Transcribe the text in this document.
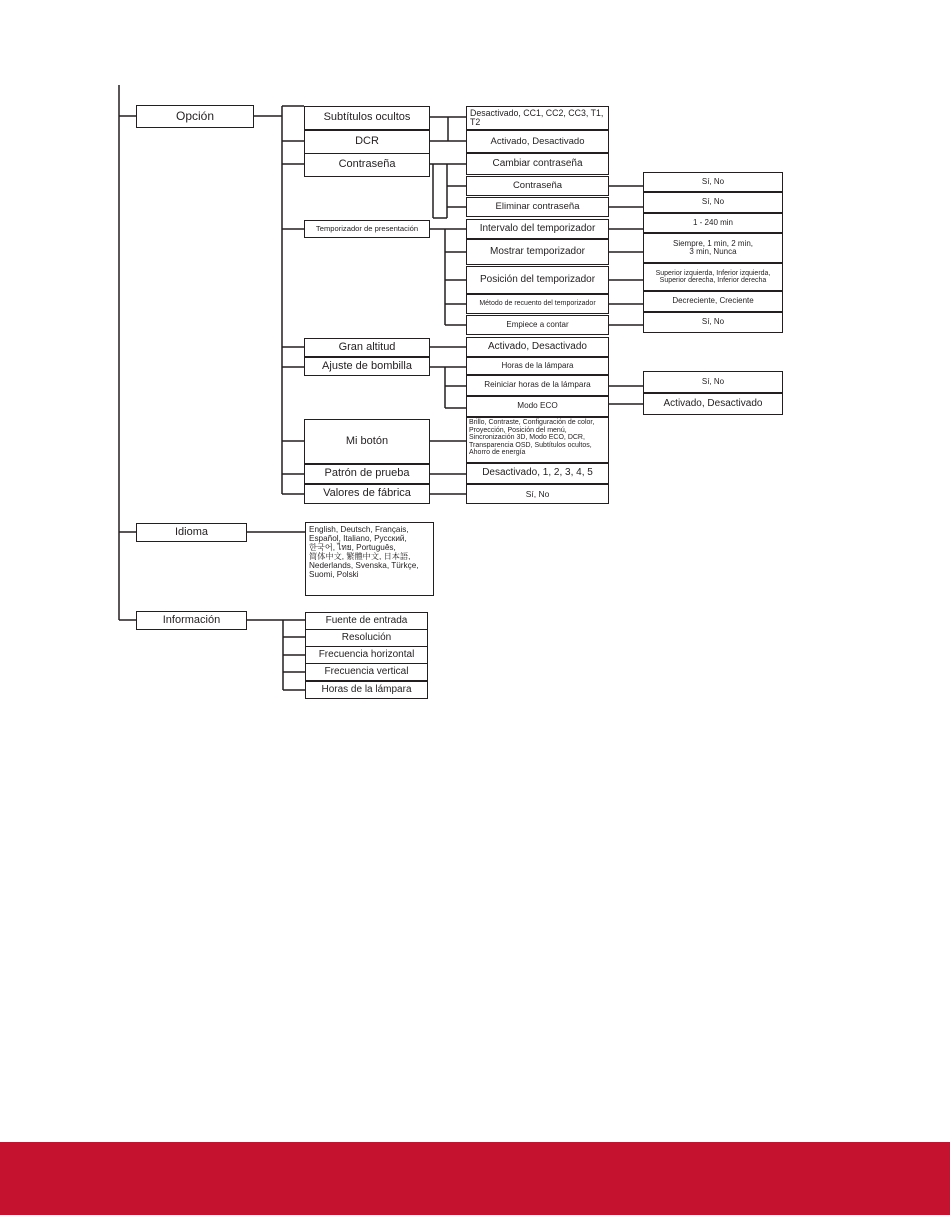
Opción
Idioma
Información
Subtítulos ocultos
DCR
Contraseña
Temporizador de presentación
Gran altitud
Ajuste de bombilla
Mi botón
Patrón de prueba
Valores de fábrica
Desactivado, CC1, CC2, CC3, T1, T2
Activado, Desactivado
Cambiar contraseña
Contraseña
Eliminar contraseña
Intervalo del temporizador
Mostrar temporizador
Posición del temporizador
Método de recuento del temporizador
Empiece a contar
Activado, Desactivado
Horas de la lámpara
Reiniciar horas de la lámpara
Modo ECO
Brillo, Contraste, Configuración de color,
Proyección, Posición del menú,
Sincronización 3D, Modo ECO, DCR,
Transparencia OSD, Subtítulos ocultos,
Ahorro de energía
Desactivado, 1, 2, 3, 4, 5
Sí, No
Sí, No
Sí, No
1 - 240 min
Siempre, 1 min, 2 min,
3 min, Nunca
Superior izquierda, Inferior izquierda,
Superior derecha, Inferior derecha
Decreciente, Creciente
Sí, No
Sí, No
Activado, Desactivado
English, Deutsch, Français,
Español, Italiano, Русский,
한국어, ไทย, Português,
简体中文, 繁體中文, 日本語,
Nederlands, Svenska, Türkçe,
Suomi, Polski
Fuente de entrada
Resolución
Frecuencia horizontal
Frecuencia vertical
Horas de la lámpara
